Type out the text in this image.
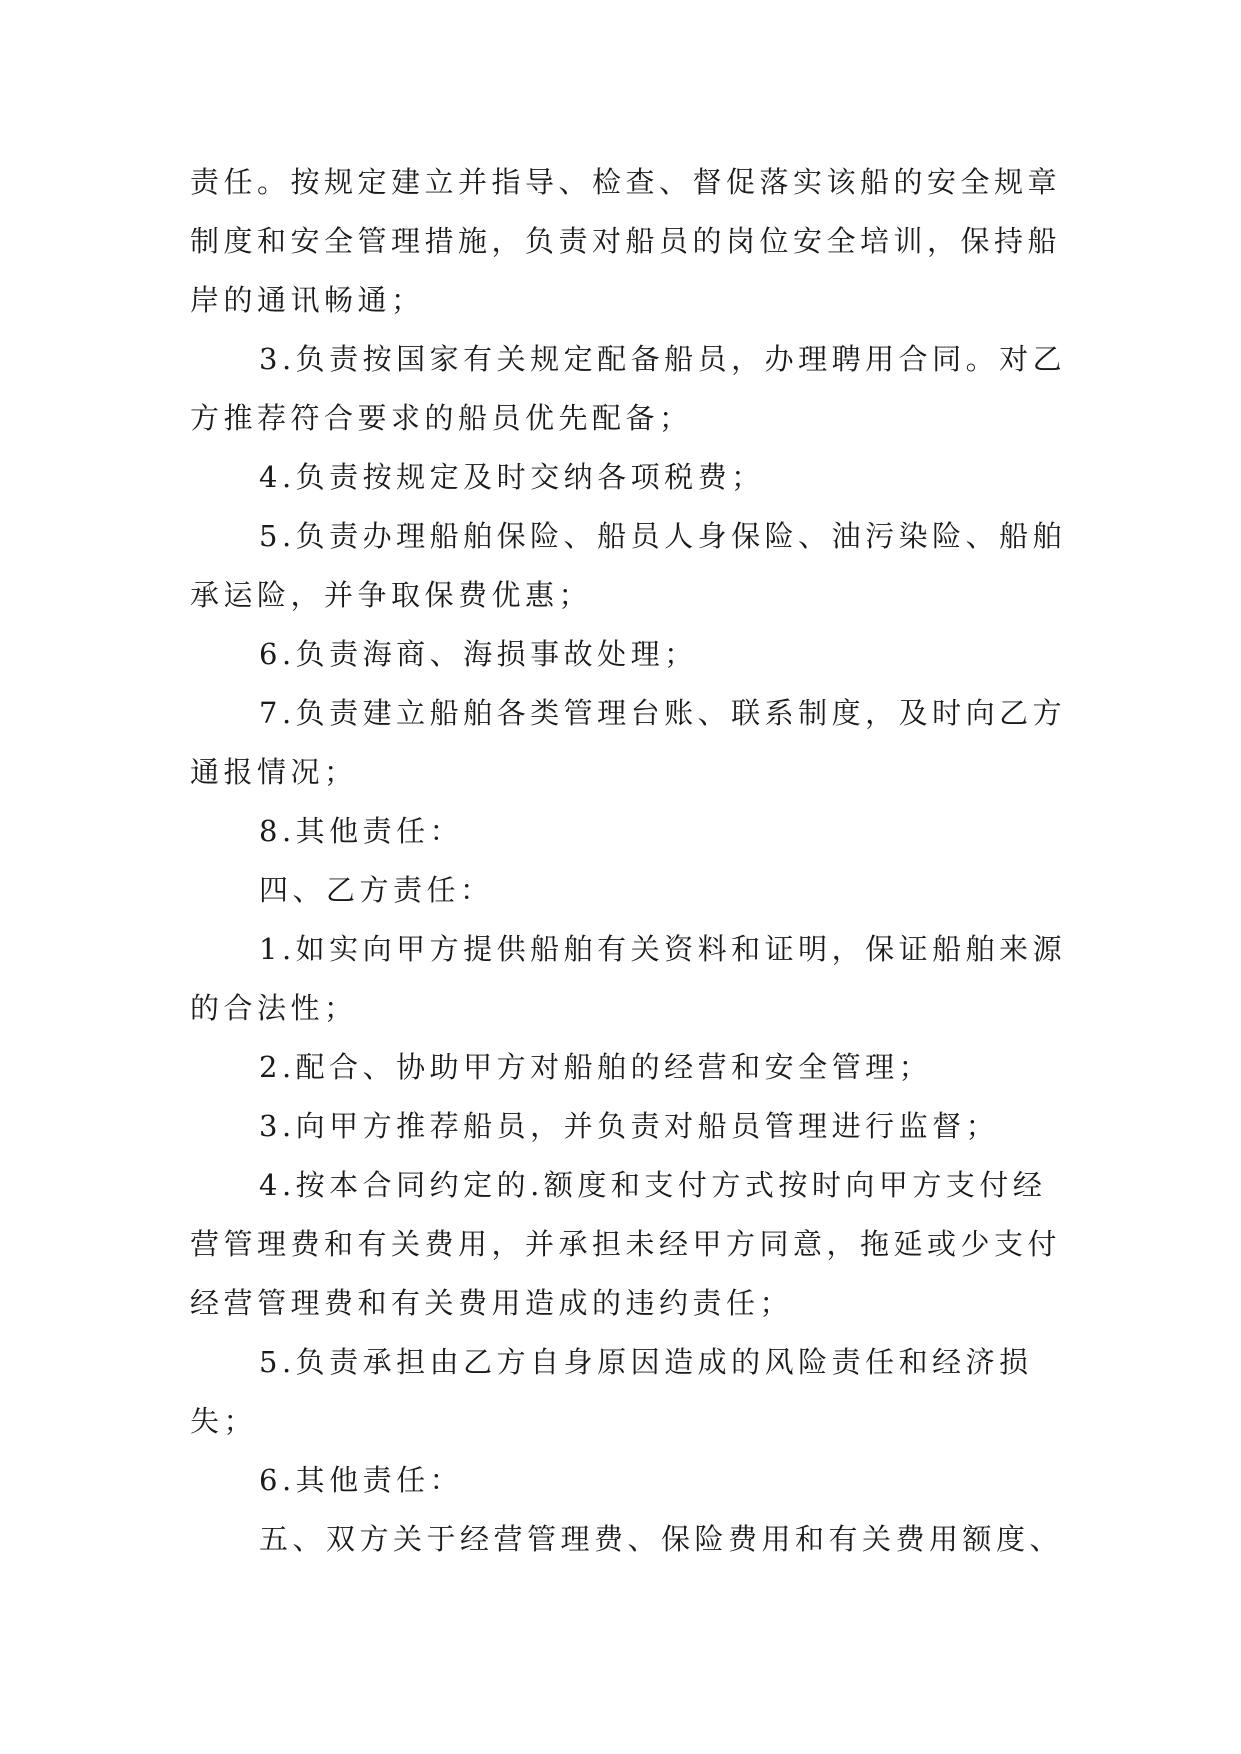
责任。按规定建立并指导、检查、督促落实该船的安全规章
制度和安全管理措施，负责对船员的岗位安全培训，保持船
岸的通讯畅通；
3.负责按国家有关规定配备船员，办理聘用合同。对乙
方推荐符合要求的船员优先配备；
4.负责按规定及时交纳各项税费；
5.负责办理船舶保险、船员人身保险、油污染险、船舶
承运险，并争取保费优惠；
6.负责海商、海损事故处理；
7.负责建立船舶各类管理台账、联系制度，及时向乙方
通报情况；
8.其他责任：
四、乙方责任：
1.如实向甲方提供船舶有关资料和证明，保证船舶来源
的合法性；
2.配合、协助甲方对船舶的经营和安全管理；
3.向甲方推荐船员，并负责对船员管理进行监督；
4.按本合同约定的.额度和支付方式按时向甲方支付经
营管理费和有关费用，并承担未经甲方同意，拖延或少支付
经营管理费和有关费用造成的违约责任；
5.负责承担由乙方自身原因造成的风险责任和经济损
失；
6.其他责任：
五、双方关于经营管理费、保险费用和有关费用额度、
